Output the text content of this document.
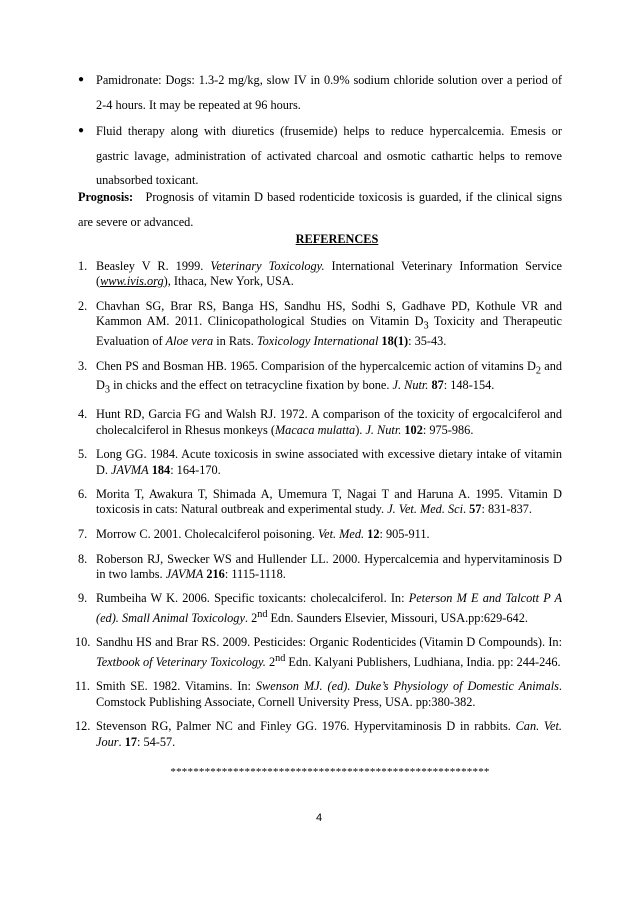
● Pamidronate: Dogs: 1.3-2 mg/kg, slow IV in 0.9% sodium chloride solution over a period of 2-4 hours. It may be repeated at 96 hours.
● Fluid therapy along with diuretics (frusemide) helps to reduce hypercalcemia. Emesis or gastric lavage, administration of activated charcoal and osmotic cathartic helps to remove unabsorbed toxicant.

Prognosis: Prognosis of vitamin D based rodenticide toxicosis is guarded, if the clinical signs are severe or advanced.

REFERENCES

1. Beasley V R. 1999. Veterinary Toxicology. International Veterinary Information Service (www.ivis.org), Ithaca, New York, USA.
2. Chavhan SG, Brar RS, Banga HS, Sandhu HS, Sodhi S, Gadhave PD, Kothule VR and Kammon AM. 2011. Clinicopathological Studies on Vitamin $D_3$ Toxicity and Therapeutic Evaluation of Aloe vera in Rats. Toxicology International 18(1): 35-43.
3. Chen PS and Bosman HB. 1965. Comparision of the hypercalcemic action of vitamins $D_2$ and $D_3$ in chicks and the effect on tetracycline fixation by bone. J. Nutr. 87: 148-154.
4. Hunt RD, Garcia FG and Walsh RJ. 1972. A comparison of the toxicity of ergocalciferol and cholecalciferol in Rhesus monkeys (Macaca mulatta). J. Nutr. 102: 975-986.
5. Long GG. 1984. Acute toxicosis in swine associated with excessive dietary intake of vitamin D. JAVMA 184: 164-170.
6. Morita T, Awakura T, Shimada A, Umemura T, Nagai T and Haruna A. 1995. Vitamin D toxicosis in cats: Natural outbreak and experimental study. J. Vet. Med. Sci. 57: 831-837.
7. Morrow C. 2001. Cholecalciferol poisoning. Vet. Med. 12: 905-911.
8. Roberson RJ, Swecker WS and Hullender LL. 2000. Hypercalcemia and hypervitaminosis D in two lambs. JAVMA 216: 1115-1118.
9. Rumbeiha W K. 2006. Specific toxicants: cholecalciferol. In: Peterson M E and Talcott P A (ed). Small Animal Toxicology. 2nd Edn. Saunders Elsevier, Missouri, USA.pp:629-642.
10. Sandhu HS and Brar RS. 2009. Pesticides: Organic Rodenticides (Vitamin D Compounds). In: Textbook of Veterinary Toxicology. 2nd Edn. Kalyani Publishers, Ludhiana, India. pp: 244-246.
11. Smith SE. 1982. Vitamins. In: Swenson MJ. (ed). Duke’s Physiology of Domestic Animals. Comstock Publishing Associate, Cornell University Press, USA. pp:380-382.
12. Stevenson RG, Palmer NC and Finley GG. 1976. Hypervitaminosis D in rabbits. Can. Vet. Jour. 17: 54-57.

********************************************************

4
